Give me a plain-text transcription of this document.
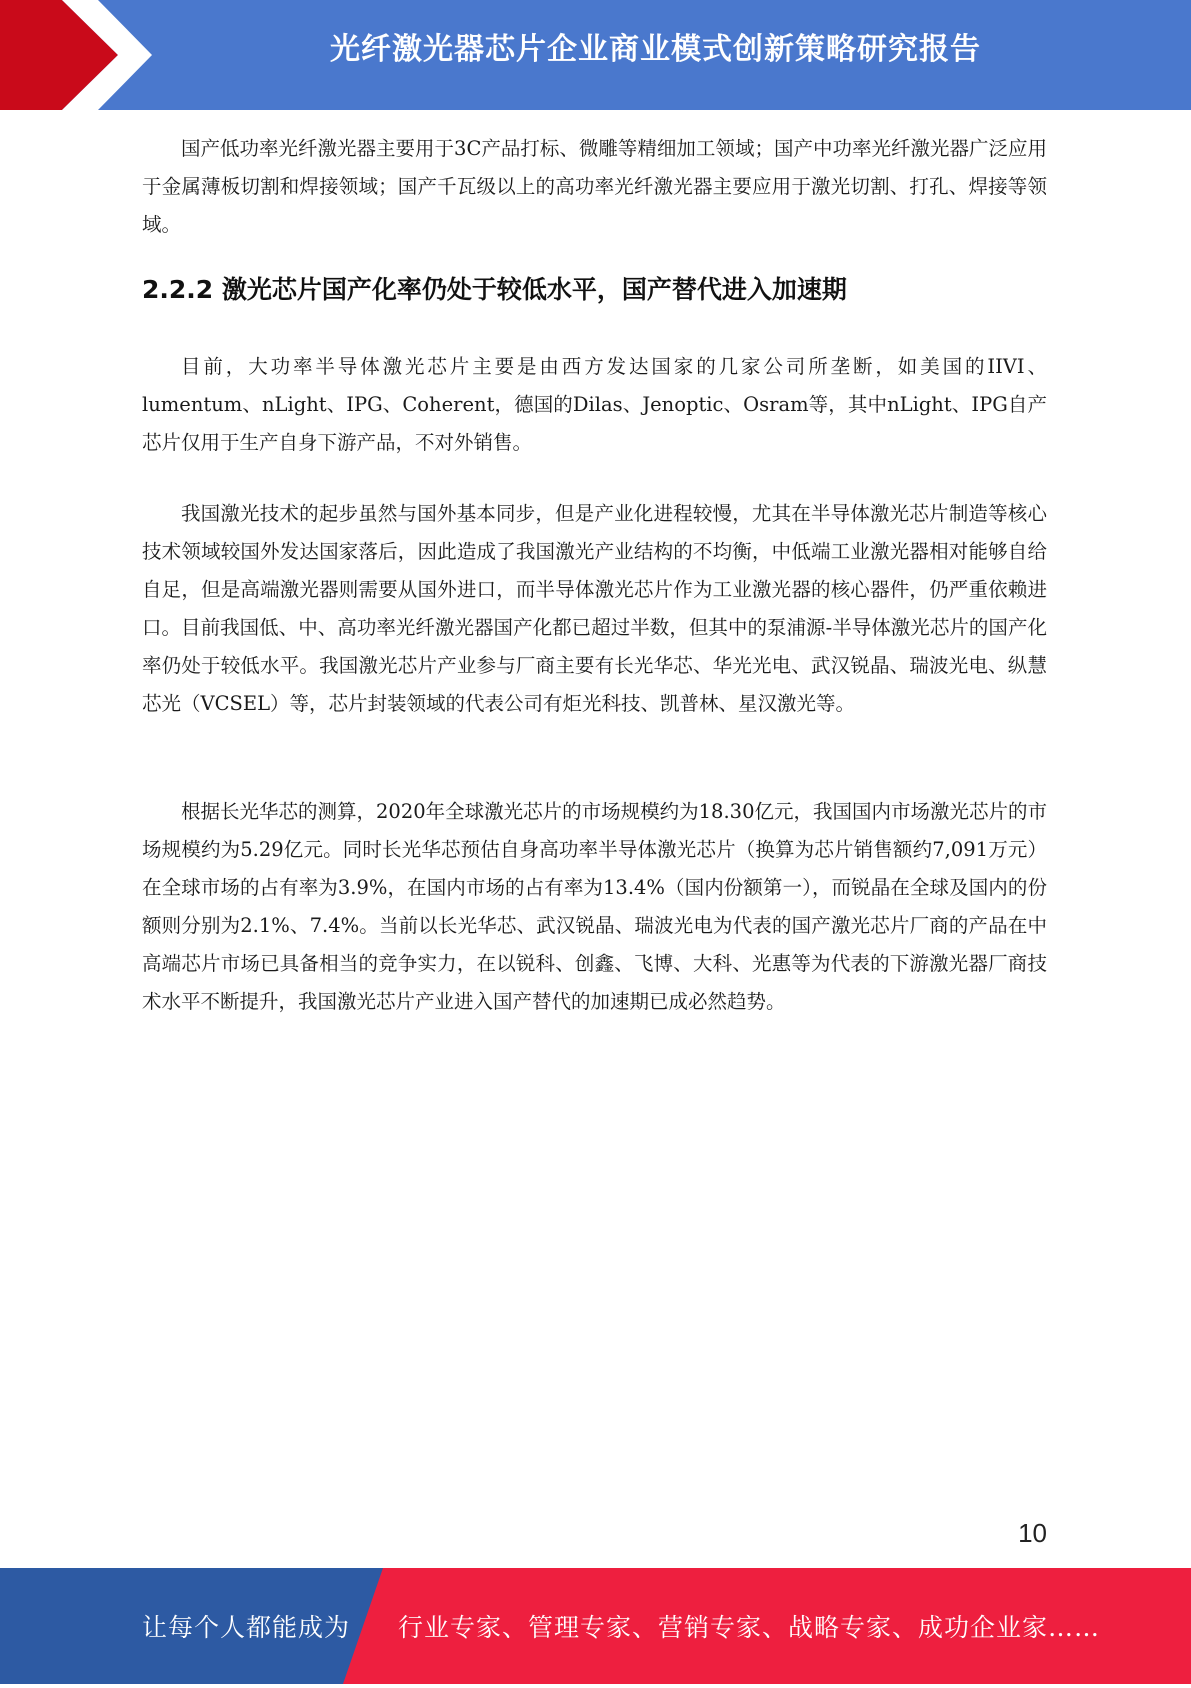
光纤激光器芯片企业商业模式创新策略研究报告

国产低功率光纤激光器主要用于3C产品打标、微雕等精细加工领域；国产中功率光纤激光器广泛应用于金属薄板切割和焊接领域；国产千瓦级以上的高功率光纤激光器主要应用于激光切割、打孔、焊接等领域。

2.2.2 激光芯片国产化率仍处于较低水平，国产替代进入加速期

目前，大功率半导体激光芯片主要是由西方发达国家的几家公司所垄断，如美国的IIVI、lumentum、nLight、IPG、Coherent，德国的Dilas、Jenoptic、Osram等，其中nLight、IPG自产芯片仅用于生产自身下游产品，不对外销售。

我国激光技术的起步虽然与国外基本同步，但是产业化进程较慢，尤其在半导体激光芯片制造等核心技术领域较国外发达国家落后，因此造成了我国激光产业结构的不均衡，中低端工业激光器相对能够自给自足，但是高端激光器则需要从国外进口，而半导体激光芯片作为工业激光器的核心器件，仍严重依赖进口。目前我国低、中、高功率光纤激光器国产化都已超过半数，但其中的泵浦源-半导体激光芯片的国产化率仍处于较低水平。我国激光芯片产业参与厂商主要有长光华芯、华光光电、武汉锐晶、瑞波光电、纵慧芯光（VCSEL）等，芯片封装领域的代表公司有炬光科技、凯普林、星汉激光等。

根据长光华芯的测算，2020年全球激光芯片的市场规模约为18.30亿元，我国国内市场激光芯片的市场规模约为5.29亿元。同时长光华芯预估自身高功率半导体激光芯片（换算为芯片销售额约7,091万元）在全球市场的占有率为3.9%，在国内市场的占有率为13.4%（国内份额第一），而锐晶在全球及国内的份额则分别为2.1%、7.4%。当前以长光华芯、武汉锐晶、瑞波光电为代表的国产激光芯片厂商的产品在中高端芯片市场已具备相当的竞争实力，在以锐科、创鑫、飞博、大科、光惠等为代表的下游激光器厂商技术水平不断提升，我国激光芯片产业进入国产替代的加速期已成必然趋势。

10
让每个人都能成为 行业专家、管理专家、营销专家、战略专家、成功企业家……
